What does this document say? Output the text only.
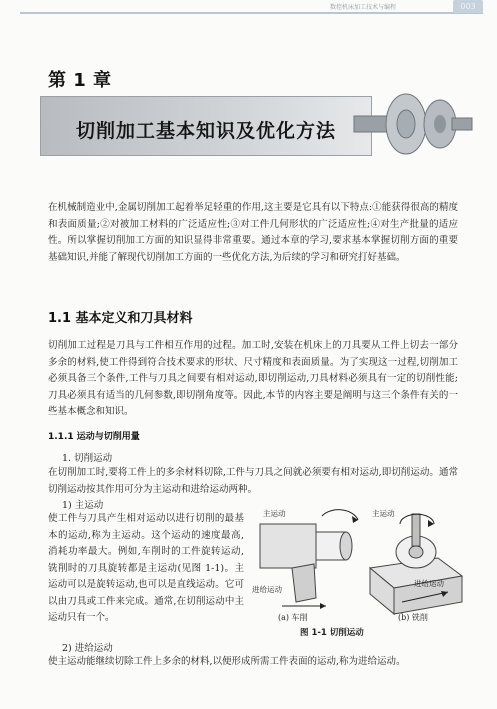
数控机床加工技术与编程	003
第 1 章
切削加工基本知识及优化方法
在机械制造业中,金属切削加工起着举足轻重的作用,这主要是它具有以下特点:①能获得很高的精度和表面质量;②对被加工材料的广泛适应性;③对工件几何形状的广泛适应性;④对生产批量的适应性。所以掌握切削加工方面的知识显得非常重要。通过本章的学习,要求基本掌握切削方面的重要基础知识,并能了解现代切削加工方面的一些优化方法,为后续的学习和研究打好基础。
1.1 基本定义和刀具材料
切削加工过程是刀具与工件相互作用的过程。加工时,安装在机床上的刀具要从工件上切去一部分多余的材料,使工件得到符合技术要求的形状、尺寸精度和表面质量。为了实现这一过程,切削加工必须具备三个条件,工件与刀具之间要有相对运动,即切削运动,刀具材料必须具有一定的切削性能;刀具必须具有适当的几何参数,即切削角度等。因此,本节的内容主要是阐明与这三个条件有关的一些基本概念和知识。
1.1.1 运动与切削用量
1. 切削运动
在切削加工时,要将工件上的多余材料切除,工件与刀具之间就必须要有相对运动,即切削运动。通常切削运动按其作用可分为主运动和进给运动两种。
1) 主运动
使工件与刀具产生相对运动以进行切削的最基本的运动,称为主运动。这个运动的速度最高,消耗功率最大。例如,车削时的工件旋转运动,铣削时的刀具旋转都是主运动(见图 1-1)。主运动可以是旋转运动,也可以是直线运动。它可以由刀具或工件来完成。通常,在切削运动中主运动只有一个。
主运动
进给运动
主运动
进给运动
(a) 车削	(b) 铣削
图 1-1 切削运动
2) 进给运动
使主运动能继续切除工件上多余的材料,以便形成所需工件表面的运动,称为进给运动。
